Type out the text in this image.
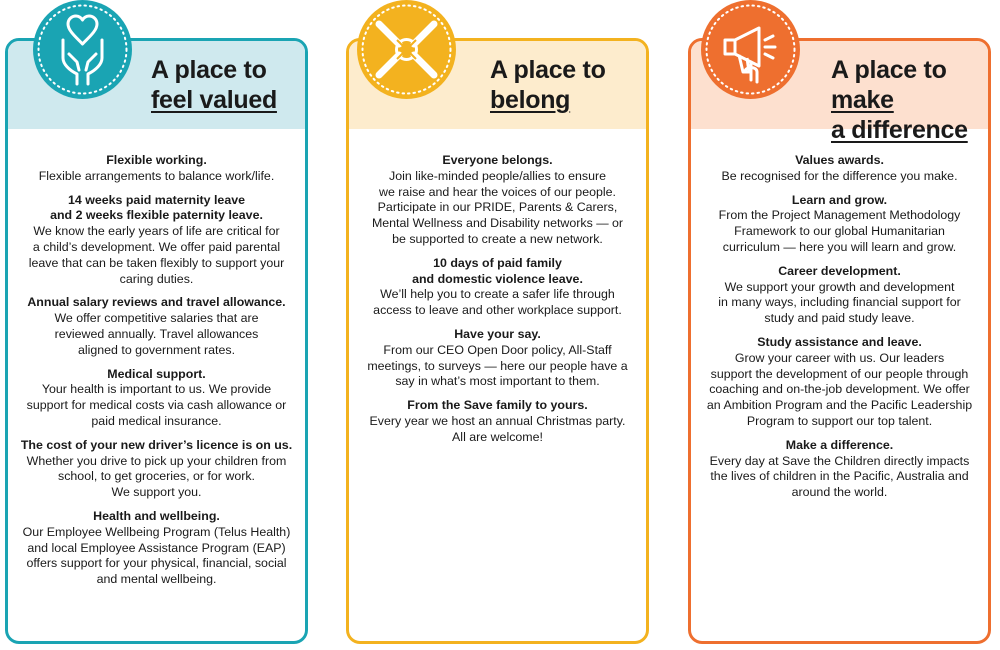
A place to
feel valued
Flexible working.
Flexible arrangements to balance work/life.
14 weeks paid maternity leave
and 2 weeks flexible paternity leave.
We know the early years of life are critical for
a child’s development. We offer paid parental
leave that can be taken flexibly to support your
caring duties.
Annual salary reviews and travel allowance.
We offer competitive salaries that are
reviewed annually. Travel allowances
aligned to government rates.
Medical support.
Your health is important to us. We provide
support for medical costs via cash allowance or
paid medical insurance.
The cost of your new driver’s licence is on us.
Whether you drive to pick up your children from
school, to get groceries, or for work.
We support you.
Health and wellbeing.
Our Employee Wellbeing Program (Telus Health)
and local Employee Assistance Program (EAP)
offers support for your physical, financial, social
and mental wellbeing.
A place to
belong
Everyone belongs.
Join like-minded people/allies to ensure
we raise and hear the voices of our people.
Participate in our PRIDE, Parents & Carers,
Mental Wellness and Disability networks — or
be supported to create a new network.
10 days of paid family
and domestic violence leave.
We’ll help you to create a safer life through
access to leave and other workplace support.
Have your say.
From our CEO Open Door policy, All-Staff
meetings, to surveys — here our people have a
say in what’s most important to them.
From the Save family to yours.
Every year we host an annual Christmas party.
All are welcome!
A place to make
a difference
Values awards.
Be recognised for the difference you make.
Learn and grow.
From the Project Management Methodology
Framework to our global Humanitarian
curriculum — here you will learn and grow.
Career development.
We support your growth and development
in many ways, including financial support for
study and paid study leave.
Study assistance and leave.
Grow your career with us. Our leaders
support the development of our people through
coaching and on-the-job development. We offer
an Ambition Program and the Pacific Leadership
Program to support our top talent.
Make a difference.
Every day at Save the Children directly impacts
the lives of children in the Pacific, Australia and
around the world.
